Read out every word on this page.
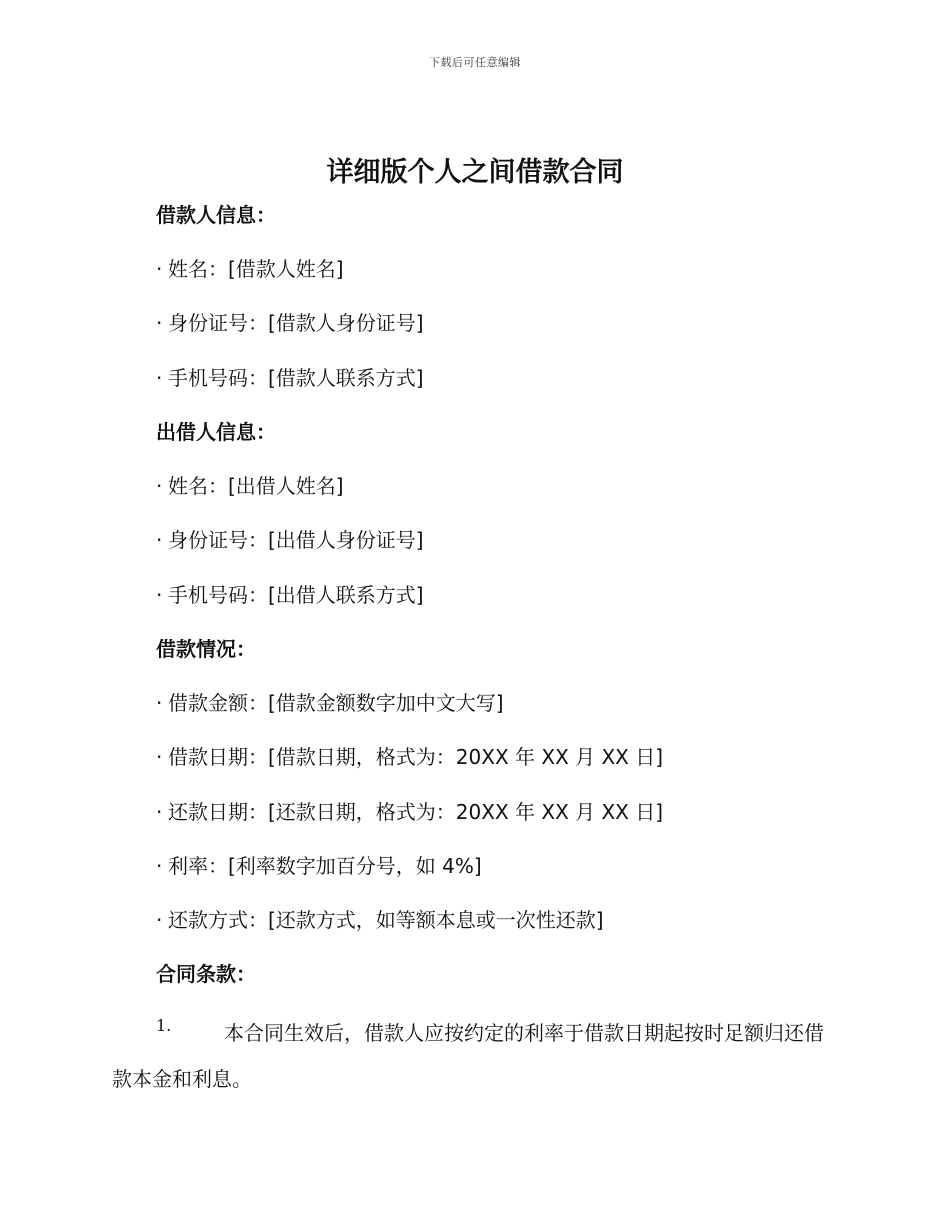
下载后可任意编辑
详细版个人之间借款合同
借款人信息：
· 姓名：[借款人姓名]
· 身份证号：[借款人身份证号]
· 手机号码：[借款人联系方式]
出借人信息：
· 姓名：[出借人姓名]
· 身份证号：[出借人身份证号]
· 手机号码：[出借人联系方式]
借款情况：
· 借款金额：[借款金额数字加中文大写]
· 借款日期：[借款日期，格式为：20XX 年 XX 月 XX 日]
· 还款日期：[还款日期，格式为：20XX 年 XX 月 XX 日]
· 利率：[利率数字加百分号，如 4%]
· 还款方式：[还款方式，如等额本息或一次性还款]
合同条款：
1.	本合同生效后，借款人应按约定的利率于借款日期起按时足额归还借款本金和利息。
